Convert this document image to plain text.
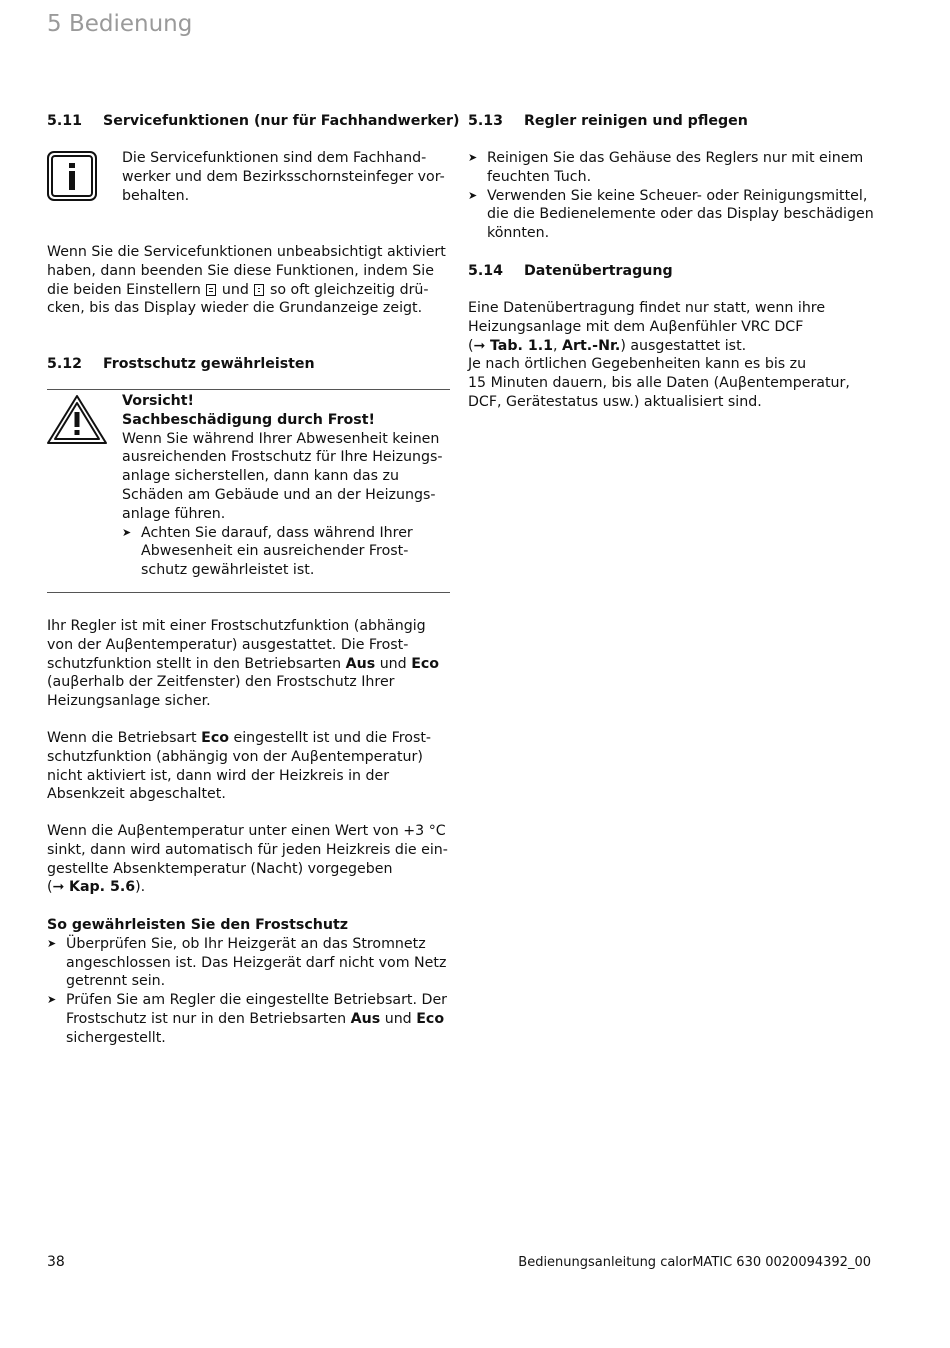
5 Bedienung
5.11 Servicefunktionen (nur für Fachhandwerker)

Die Servicefunktionen sind dem Fachhand-

werker und dem Bezirksschornsteinfeger vor-

behalten.

Wenn Sie die Servicefunktionen unbeabsichtigt aktiviert

haben, dann beenden Sie diese Funktionen, indem Sie

die beiden Einstellern und so oft gleichzeitig drü-

cken, bis das Display wieder die Grundanzeige zeigt.

5.12 Frostschutz gewährleisten

Vorsicht!

Sachbeschädigung durch Frost!

Wenn Sie während Ihrer Abwesenheit keinen

ausreichenden Frostschutz für Ihre Heizungs-

anlage sicherstellen, dann kann das zu

Schäden am Gebäude und an der Heizungs-

anlage führen.

➤ Achten Sie darauf, dass während Ihrer

Abwesenheit ein ausreichender Frost-

schutz gewährleistet ist.

Ihr Regler ist mit einer Frostschutzfunktion (abhängig

von der Auβentemperatur) ausgestattet. Die Frost-

schutzfunktion stellt in den Betriebsarten Aus und Eco

(auβerhalb der Zeitfenster) den Frostschutz Ihrer

Heizungsanlage sicher.

Wenn die Betriebsart Eco eingestellt ist und die Frost-

schutzfunktion (abhängig von der Auβentemperatur)

nicht aktiviert ist, dann wird der Heizkreis in der

Absenkzeit abgeschaltet.

Wenn die Auβentemperatur unter einen Wert von +3 °C

sinkt, dann wird automatisch für jeden Heizkreis die ein-

gestellte Absenktemperatur (Nacht) vorgegeben

(➞ Kap. 5.6).

So gewährleisten Sie den Frostschutz

➤ Überprüfen Sie, ob Ihr Heizgerät an das Stromnetz

angeschlossen ist. Das Heizgerät darf nicht vom Netz

getrennt sein.

➤ Prüfen Sie am Regler die eingestellte Betriebsart. Der

Frostschutz ist nur in den Betriebsarten Aus und Eco

sichergestellt.

5.13 Regler reinigen und pflegen

➤ Reinigen Sie das Gehäuse des Reglers nur mit einem

feuchten Tuch.

➤ Verwenden Sie keine Scheuer- oder Reinigungsmittel,

die die Bedienelemente oder das Display beschädigen

könnten.

5.14 Datenübertragung

Eine Datenübertragung findet nur statt, wenn ihre

Heizungsanlage mit dem Auβenfühler VRC DCF

(➞ Tab. 1.1, Art.-Nr.) ausgestattet ist.

Je nach örtlichen Gegebenheiten kann es bis zu

15 Minuten dauern, bis alle Daten (Auβentemperatur,

DCF, Gerätestatus usw.) aktualisiert sind.

38	Bedienungsanleitung calorMATIC 630 0020094392_00
